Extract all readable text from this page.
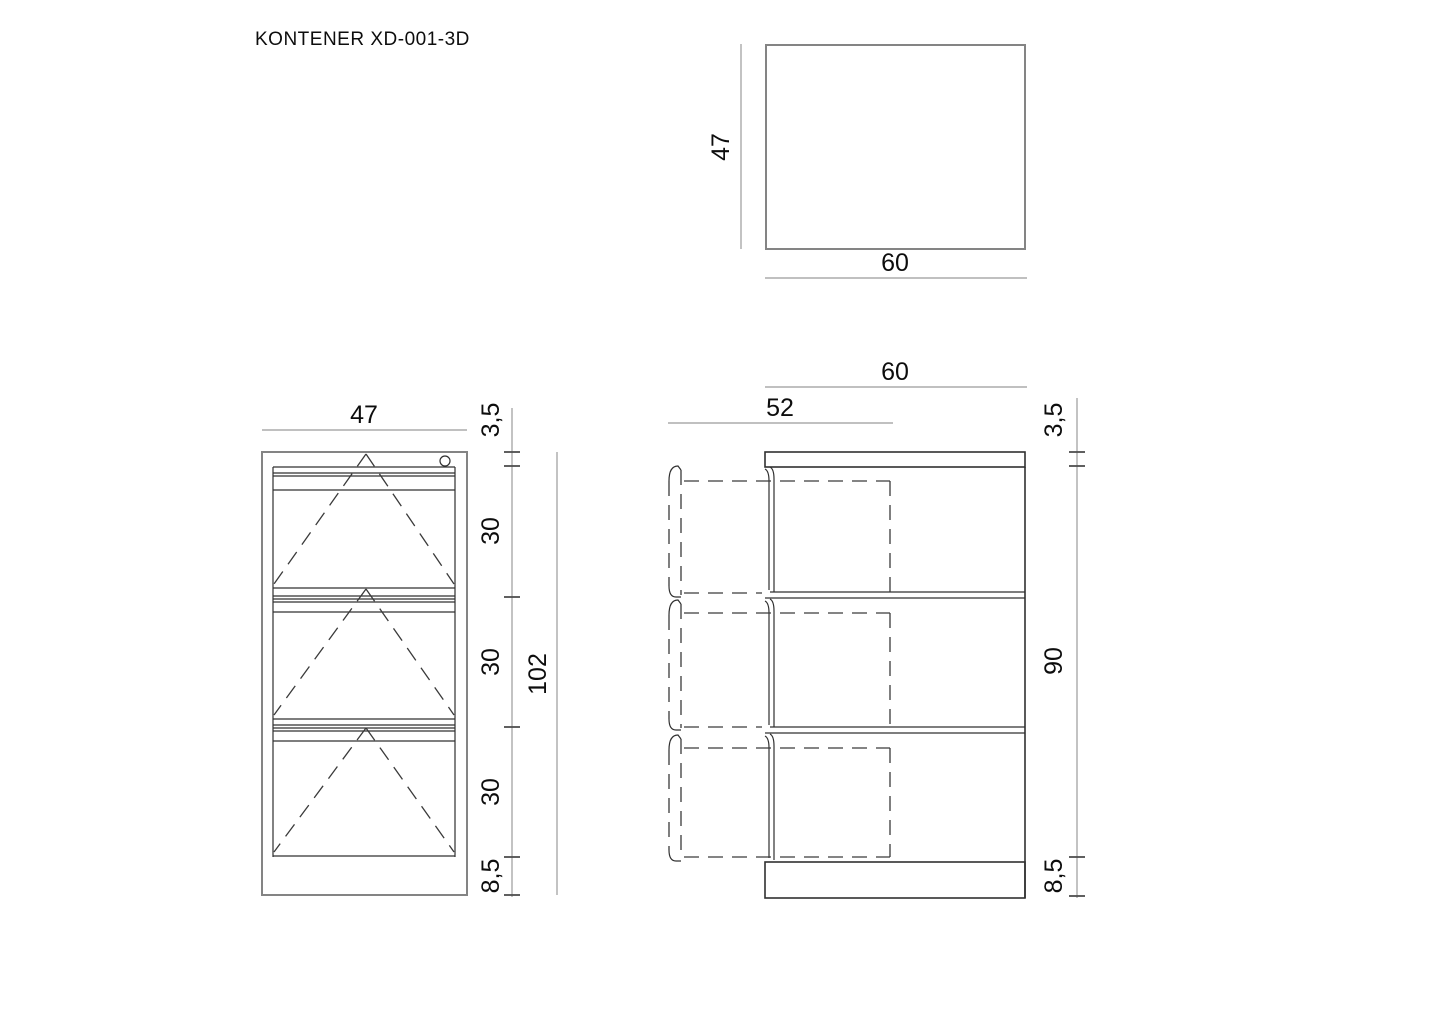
KONTENER XD-001-3D
47
60
47	3,5
30
30
30
8,5
102
60
52	3,5
90
8,5
